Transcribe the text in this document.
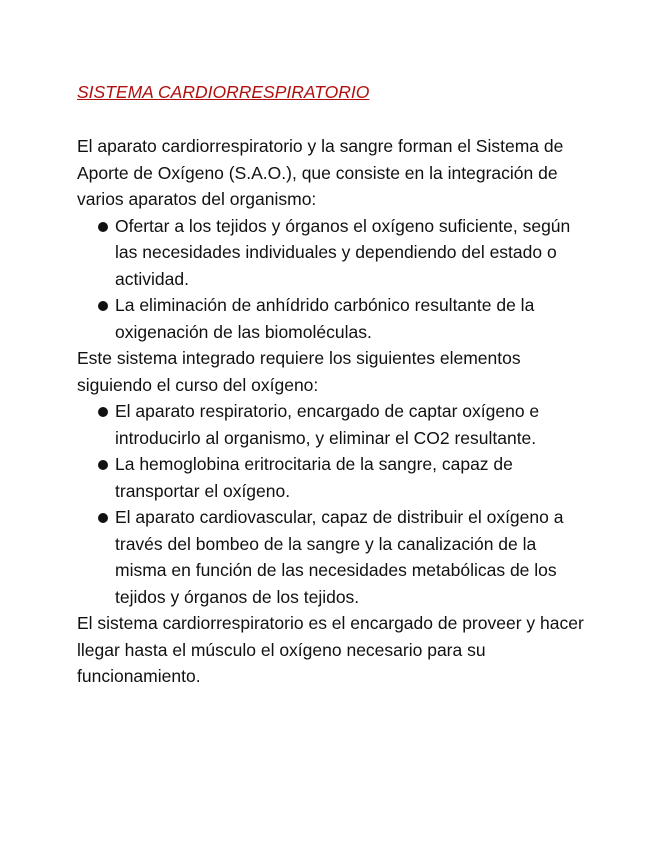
SISTEMA CARDIORRESPIRATORIO

El aparato cardiorrespiratorio y la sangre forman el Sistema de Aporte de Oxígeno (S.A.O.), que consiste en la integración de varios aparatos del organismo:

Ofertar a los tejidos y órganos el oxígeno suficiente, según las necesidades individuales y dependiendo del estado o actividad.
La eliminación de anhídrido carbónico resultante de la oxigenación de las biomoléculas.

Este sistema integrado requiere los siguientes elementos siguiendo el curso del oxígeno:

El aparato respiratorio, encargado de captar oxígeno e introducirlo al organismo, y eliminar el CO2 resultante.
La hemoglobina eritrocitaria de la sangre, capaz de transportar el oxígeno.
El aparato cardiovascular, capaz de distribuir el oxígeno a través del bombeo de la sangre y la canalización de la misma en función de las necesidades metabólicas de los tejidos y órganos de los tejidos.

El sistema cardiorrespiratorio es el encargado de proveer y hacer llegar hasta el músculo el oxígeno necesario para su funcionamiento.
